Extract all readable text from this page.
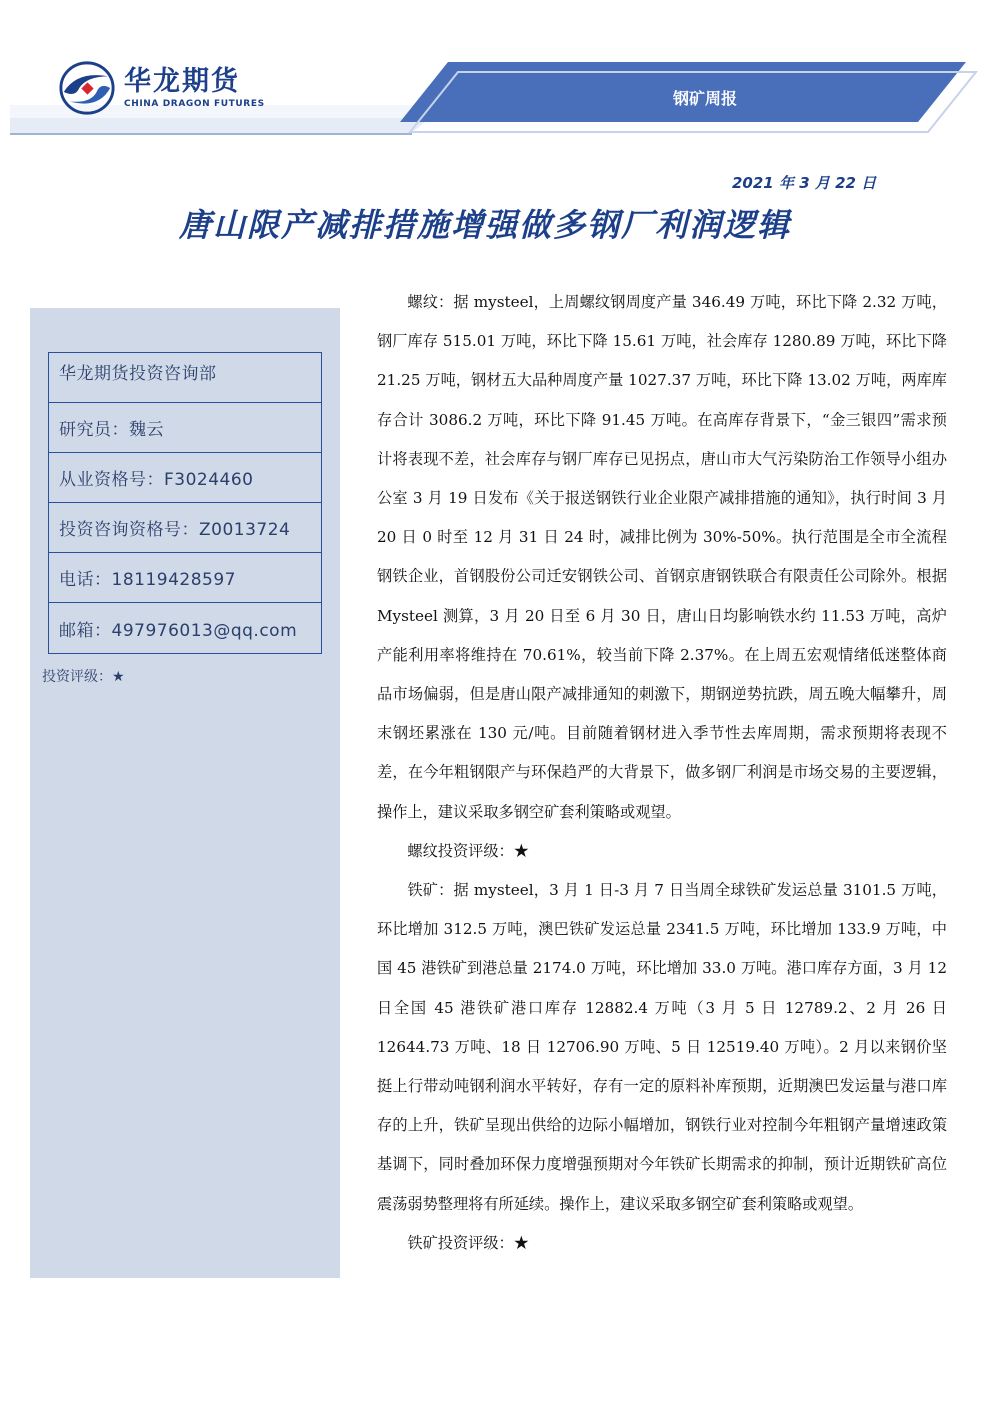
华龙期货
CHINA DRAGON FUTURES	钢矿周报
2021 年 3 月 22 日
唐山限产减排措施增强做多钢厂利润逻辑
华龙期货投资咨询部
研究员：魏云
从业资格号：F3024460
投资咨询资格号：Z0013724
电话：18119428597
邮箱：497976013@qq.com
投资评级：★

螺纹：据 mysteel，上周螺纹钢周度产量 346.49 万吨，环比下降 2.32 万吨，钢厂库存 515.01 万吨，环比下降 15.61 万吨，社会库存 1280.89 万吨，环比下降 21.25 万吨，钢材五大品种周度产量 1027.37 万吨，环比下降 13.02 万吨，两库库存合计 3086.2 万吨，环比下降 91.45 万吨。在高库存背景下，“金三银四”需求预计将表现不差，社会库存与钢厂库存已见拐点，唐山市大气污染防治工作领导小组办公室 3 月 19 日发布《关于报送钢铁行业企业限产减排措施的通知》，执行时间 3 月 20 日 0 时至 12 月 31 日 24 时，减排比例为 30%-50%。执行范围是全市全流程钢铁企业，首钢股份公司迁安钢铁公司、首钢京唐钢铁联合有限责任公司除外。根据 Mysteel 测算，3 月 20 日至 6 月 30 日，唐山日均影响铁水约 11.53 万吨，高炉产能利用率将维持在 70.61%，较当前下降 2.37%。在上周五宏观情绪低迷整体商品市场偏弱，但是唐山限产减排通知的刺激下，期钢逆势抗跌，周五晚大幅攀升，周末钢坯累涨在 130 元/吨。目前随着钢材进入季节性去库周期，需求预期将表现不差，在今年粗钢限产与环保趋严的大背景下，做多钢厂利润是市场交易的主要逻辑，操作上，建议采取多钢空矿套利策略或观望。

螺纹投资评级：★

铁矿：据 mysteel，3 月 1 日-3 月 7 日当周全球铁矿发运总量 3101.5 万吨，环比增加 312.5 万吨，澳巴铁矿发运总量 2341.5 万吨，环比增加 133.9 万吨，中国 45 港铁矿到港总量 2174.0 万吨，环比增加 33.0 万吨。港口库存方面，3 月 12 日全国 45 港铁矿港口库存 12882.4 万吨（3 月 5 日 12789.2、2 月 26 日 12644.73 万吨、18 日 12706.90 万吨、5 日 12519.40 万吨）。2 月以来钢价坚挺上行带动吨钢利润水平转好，存有一定的原料补库预期，近期澳巴发运量与港口库存的上升，铁矿呈现出供给的边际小幅增加，钢铁行业对控制今年粗钢产量增速政策基调下，同时叠加环保力度增强预期对今年铁矿长期需求的抑制，预计近期铁矿高位震荡弱势整理将有所延续。操作上，建议采取多钢空矿套利策略或观望。

铁矿投资评级：★
